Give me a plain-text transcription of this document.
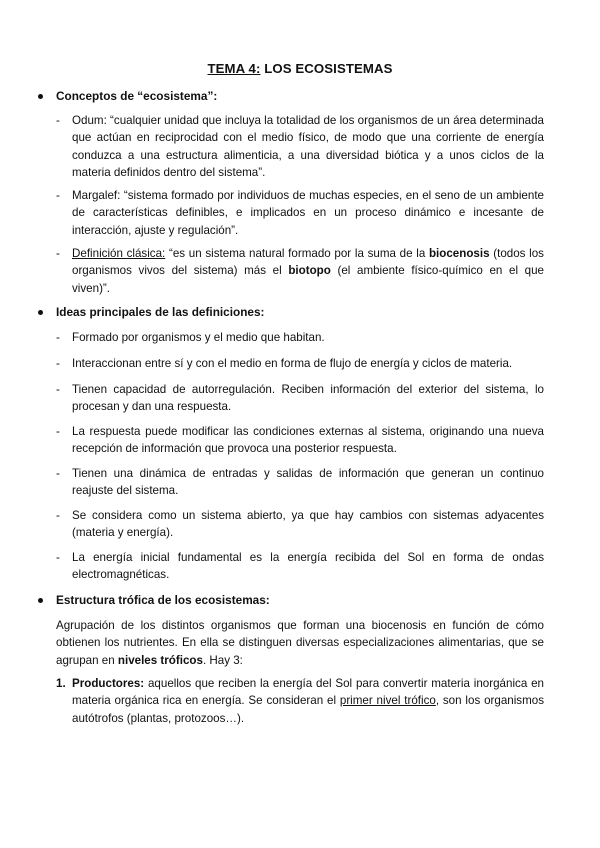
TEMA 4: LOS ECOSISTEMAS
Conceptos de “ecosistema”:
- Odum: “cualquier unidad que incluya la totalidad de los organismos de un área determinada que actúan en reciprocidad con el medio físico, de modo que una corriente de energía conduzca a una estructura alimenticia, a una diversidad biótica y a unos ciclos de la materia definidos dentro del sistema”.
- Margalef: “sistema formado por individuos de muchas especies, en el seno de un ambiente de características definibles, e implicados en un proceso dinámico e incesante de interacción, ajuste y regulación”.
- Definición clásica: “es un sistema natural formado por la suma de la biocenosis (todos los organismos vivos del sistema) más el biotopo (el ambiente físico-químico en el que viven)”.
Ideas principales de las definiciones:
- Formado por organismos y el medio que habitan.
- Interaccionan entre sí y con el medio en forma de flujo de energía y ciclos de materia.
- Tienen capacidad de autorregulación. Reciben información del exterior del sistema, lo procesan y dan una respuesta.
- La respuesta puede modificar las condiciones externas al sistema, originando una nueva recepción de información que provoca una posterior respuesta.
- Tienen una dinámica de entradas y salidas de información que generan un continuo reajuste del sistema.
- Se considera como un sistema abierto, ya que hay cambios con sistemas adyacentes (materia y energía).
- La energía inicial fundamental es la energía recibida del Sol en forma de ondas electromagnéticas.
Estructura trófica de los ecosistemas:
Agrupación de los distintos organismos que forman una biocenosis en función de cómo obtienen los nutrientes. En ella se distinguen diversas especializaciones alimentarias, que se agrupan en niveles tróficos. Hay 3:
1. Productores: aquellos que reciben la energía del Sol para convertir materia inorgánica en materia orgánica rica en energía. Se consideran el primer nivel trófico, son los organismos autótrofos (plantas, protozoos…).
